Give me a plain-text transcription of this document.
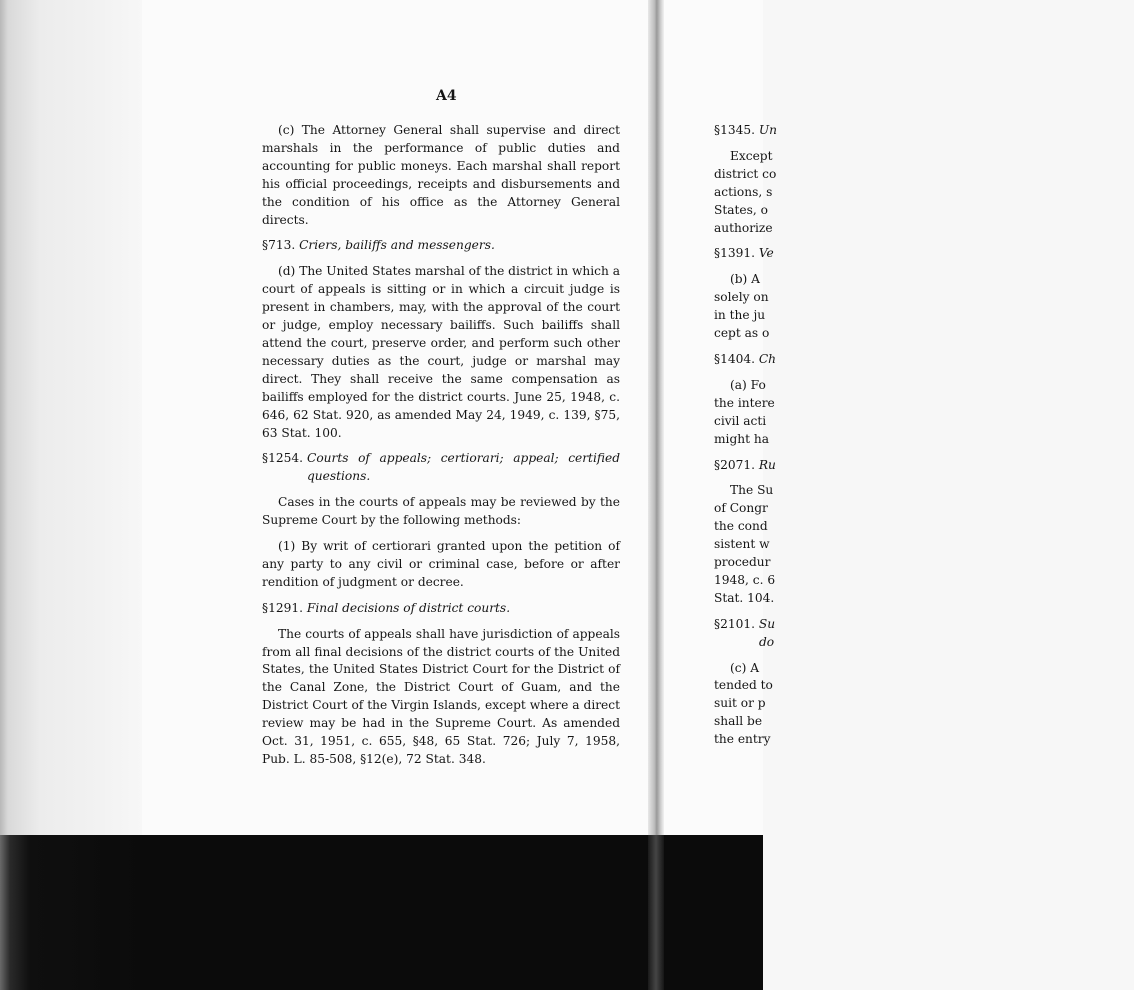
A4

(c) The Attorney General shall supervise and direct marshals in the performance of public duties and accounting for public moneys. Each marshal shall report his official proceedings, receipts and disbursements and the condition of his office as the Attorney General directs.

§713. Criers, bailiffs and messengers.

(d) The United States marshal of the district in which a court of appeals is sitting or in which a circuit judge is present in chambers, may, with the approval of the court or judge, employ necessary bailiffs. Such bailiffs shall attend the court, preserve order, and perform such other necessary duties as the court, judge or marshal may direct. They shall receive the same compensation as bailiffs employed for the district courts. June 25, 1948, c. 646, 62 Stat. 920, as amended May 24, 1949, c. 139, §75, 63 Stat. 100.

§1254. Courts of appeals; certiorari; appeal; certified questions.

Cases in the courts of appeals may be reviewed by the Supreme Court by the following methods:

(1) By writ of certiorari granted upon the petition of any party to any civil or criminal case, before or after rendition of judgment or decree.

§1291. Final decisions of district courts.

The courts of appeals shall have jurisdiction of appeals from all final decisions of the district courts of the United States, the United States District Court for the District of the Canal Zone, the District Court of Guam, and the District Court of the Virgin Islands, except where a direct review may be had in the Supreme Court. As amended Oct. 31, 1951, c. 655, §48, 65 Stat. 726; July 7, 1958, Pub. L. 85-508, §12(e), 72 Stat. 348.

§1345. Un

Except
district co
actions, s
States, o
authorize

§1391. Ve

(b) A
solely on
in the ju
cept as o

§1404. Ch

(a) Fo
the intere
civil acti
might ha

§2071. Ru

The Su
of Congr
the cond
sistent w
procedur
1948, c. 6
Stat. 104.

§2101. Su
do

(c) A
tended to
suit or p
shall be
the entry
